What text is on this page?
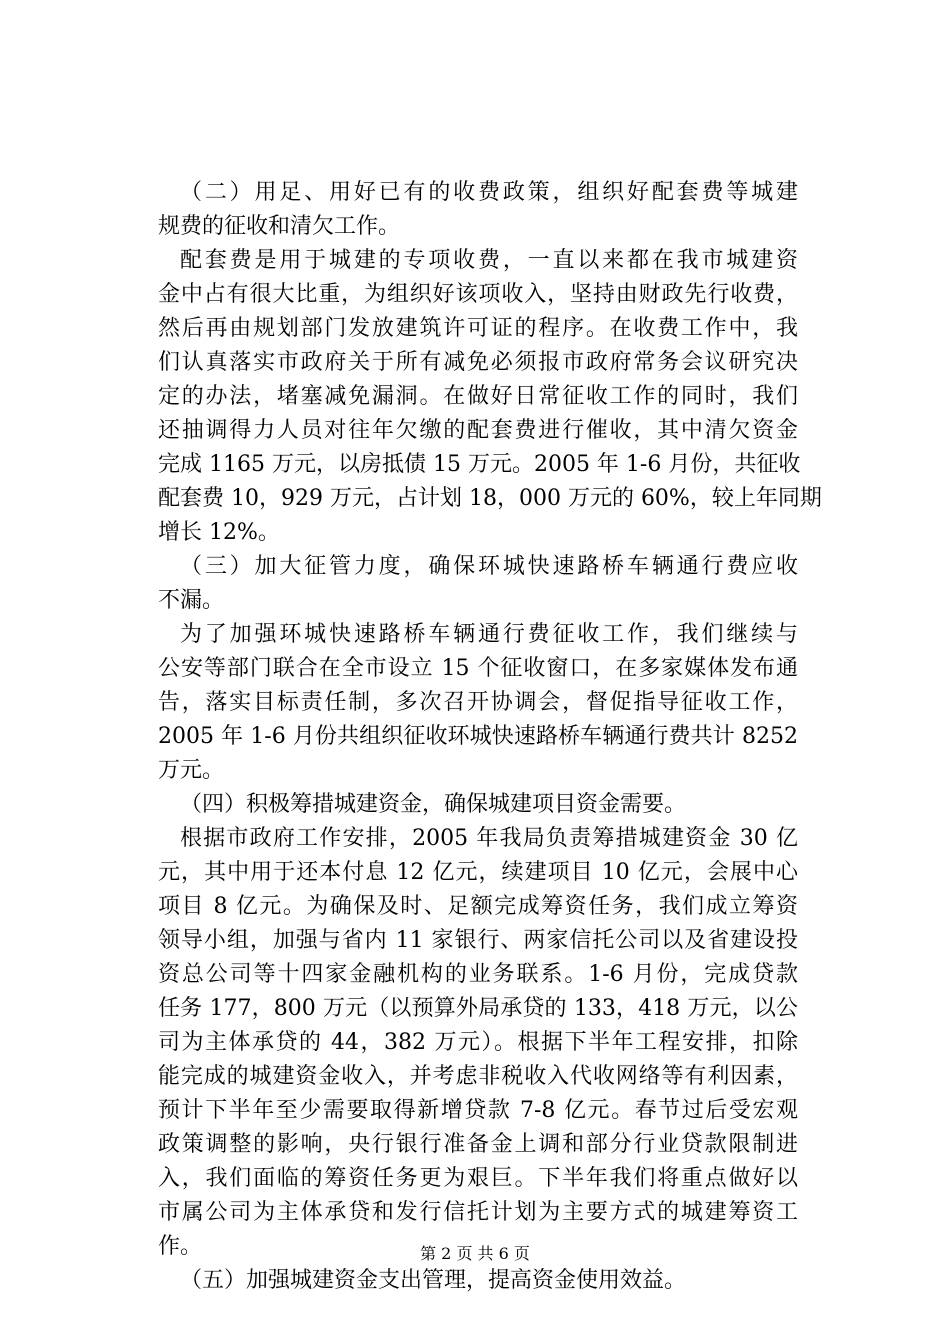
（二）用足、用好已有的收费政策，组织好配套费等城建
规费的征收和清欠工作。
配套费是用于城建的专项收费，一直以来都在我市城建资
金中占有很大比重，为组织好该项收入，坚持由财政先行收费，
然后再由规划部门发放建筑许可证的程序。在收费工作中，我
们认真落实市政府关于所有减免必须报市政府常务会议研究决
定的办法，堵塞减免漏洞。在做好日常征收工作的同时，我们
还抽调得力人员对往年欠缴的配套费进行催收，其中清欠资金
完成 1165 万元，以房抵债 15 万元。2005 年 1-6 月份，共征收
配套费 10，929 万元，占计划 18，000 万元的 60%，较上年同期
增长 12%。
（三）加大征管力度，确保环城快速路桥车辆通行费应收
不漏。
为了加强环城快速路桥车辆通行费征收工作，我们继续与
公安等部门联合在全市设立 15 个征收窗口，在多家媒体发布通
告，落实目标责任制，多次召开协调会，督促指导征收工作，
2005 年 1-6 月份共组织征收环城快速路桥车辆通行费共计 8252
万元。
（四）积极筹措城建资金，确保城建项目资金需要。
根据市政府工作安排，2005 年我局负责筹措城建资金 30 亿
元，其中用于还本付息 12 亿元，续建项目 10 亿元，会展中心
项目 8 亿元。为确保及时、足额完成筹资任务，我们成立筹资
领导小组，加强与省内 11 家银行、两家信托公司以及省建设投
资总公司等十四家金融机构的业务联系。1-6 月份，完成贷款
任务 177，800 万元（以预算外局承贷的 133，418 万元，以公
司为主体承贷的 44，382 万元）。根据下半年工程安排，扣除
能完成的城建资金收入，并考虑非税收入代收网络等有利因素，
预计下半年至少需要取得新增贷款 7-8 亿元。春节过后受宏观
政策调整的影响，央行银行准备金上调和部分行业贷款限制进
入，我们面临的筹资任务更为艰巨。下半年我们将重点做好以
市属公司为主体承贷和发行信托计划为主要方式的城建筹资工
作。
（五）加强城建资金支出管理，提高资金使用效益。
第 2 页 共 6 页
